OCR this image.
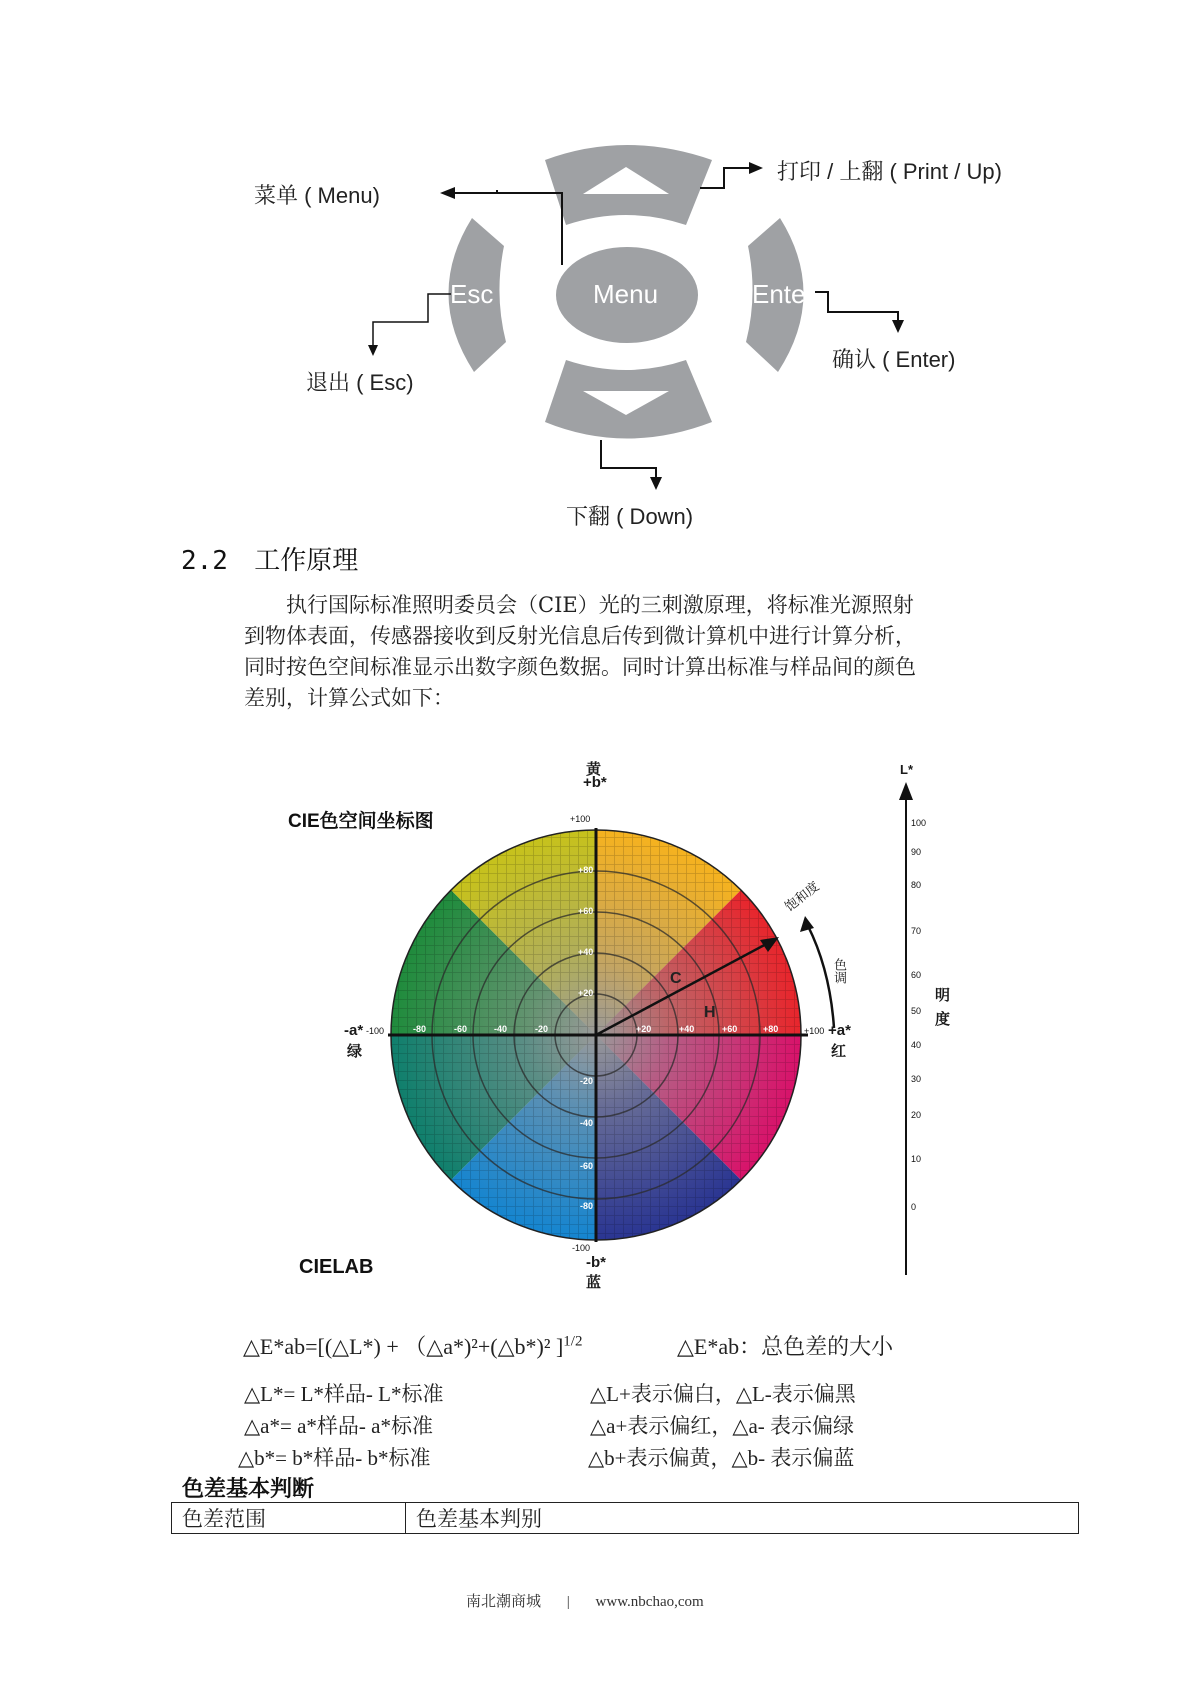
Esc	Menu	Enter
菜单 ( Menu)
打印 / 上翻 ( Print / Up)
退出 ( Esc)
确认 ( Enter)
下翻 ( Down)
2.2 工作原理
执行国际标准照明委员会（CIE）光的三刺激原理，将标准光源照射
到物体表面，传感器接收到反射光信息后传到微计算机中进行计算分析，
同时按色空间标准显示出数字颜色数据。同时计算出标准与样品间的颜色
差别，计算公式如下：
CIE色空间坐标图
CIELAB
黄
+b*
+100
+80
+60
+40
+20
-20
-40
-60
-80
-100
-b*
蓝
-a* -100
绿
-80	-60	-40	-20	+20	+40	+60	+80	+100 +a*
红
C
H
饱和度
色调
L*
明
度
100
90
80
70
60
50
40
30
20
10
0
△E*ab=[(△L*) + （△a*)²+(△b*)² ]$^{1/2}$	△E*ab：总色差的大小
△L*= L*样品- L*标准	△L+表示偏白，△L-表示偏黑
△a*= a*样品- a*标准	△a+表示偏红，△a- 表示偏绿
△b*= b*样品- b*标准	△b+表示偏黄，△b- 表示偏蓝
色差基本判断
色差范围	色差基本判别
南北潮商城 | www.nbchao,com
